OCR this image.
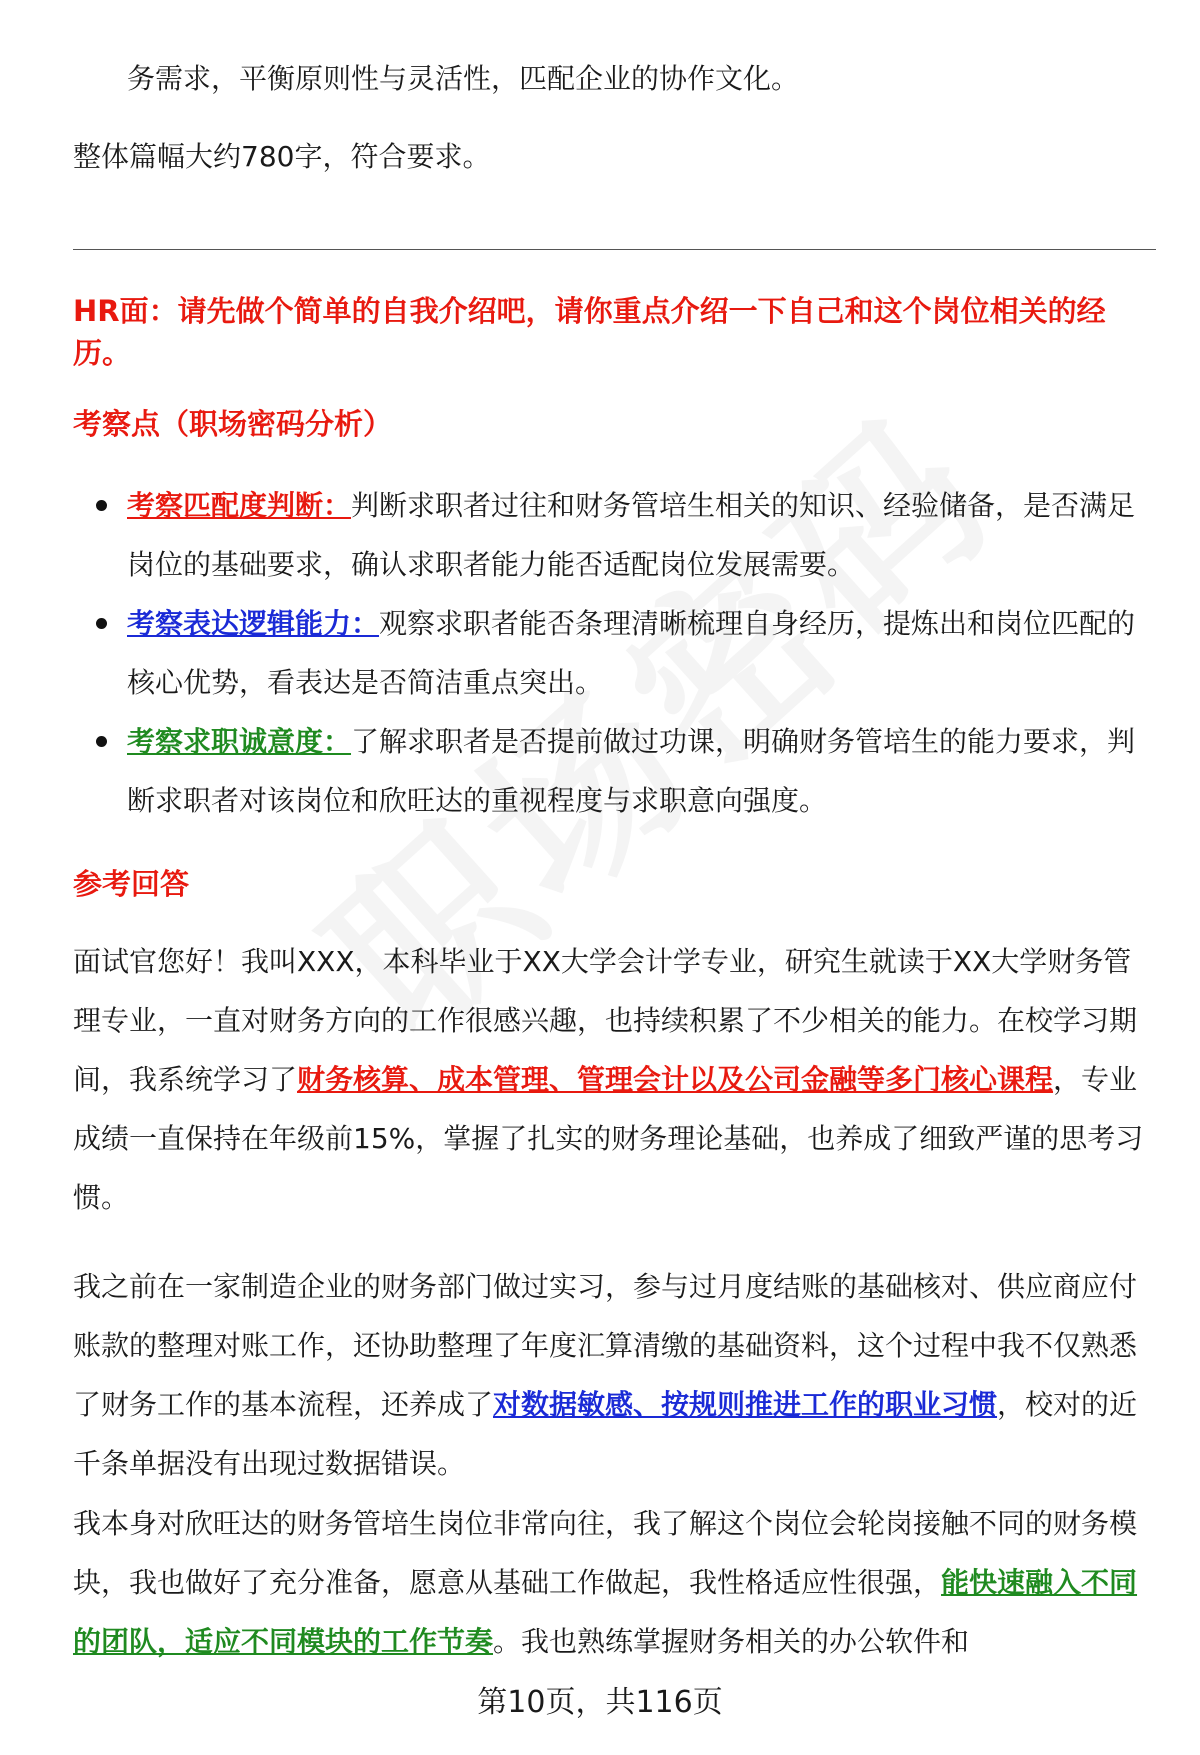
务需求，平衡原则性与灵活性，匹配企业的协作文化。
整体篇幅大约780字，符合要求。
HR面：请先做个简单的自我介绍吧，请你重点介绍一下自己和这个岗位相关的经历。
考察点（职场密码分析）
考察匹配度判断：判断求职者过往和财务管培生相关的知识、经验储备，是否满足岗位的基础要求，确认求职者能力能否适配岗位发展需要。
考察表达逻辑能力：观察求职者能否条理清晰梳理自身经历，提炼出和岗位匹配的核心优势，看表达是否简洁重点突出。
考察求职诚意度：了解求职者是否提前做过功课，明确财务管培生的能力要求，判断求职者对该岗位和欣旺达的重视程度与求职意向强度。
参考回答
面试官您好！我叫XXX，本科毕业于XX大学会计学专业，研究生就读于XX大学财务管理专业，一直对财务方向的工作很感兴趣，也持续积累了不少相关的能力。在校学习期间，我系统学习了财务核算、成本管理、管理会计以及公司金融等多门核心课程，专业成绩一直保持在年级前15%，掌握了扎实的财务理论基础，也养成了细致严谨的思考习惯。
我之前在一家制造企业的财务部门做过实习，参与过月度结账的基础核对、供应商应付账款的整理对账工作，还协助整理了年度汇算清缴的基础资料，这个过程中我不仅熟悉了财务工作的基本流程，还养成了对数据敏感、按规则推进工作的职业习惯，校对的近千条单据没有出现过数据错误。
我本身对欣旺达的财务管培生岗位非常向往，我了解这个岗位会轮岗接触不同的财务模块，我也做好了充分准备，愿意从基础工作做起，我性格适应性很强，能快速融入不同的团队，适应不同模块的工作节奏。我也熟练掌握财务相关的办公软件和
第10页，共116页
